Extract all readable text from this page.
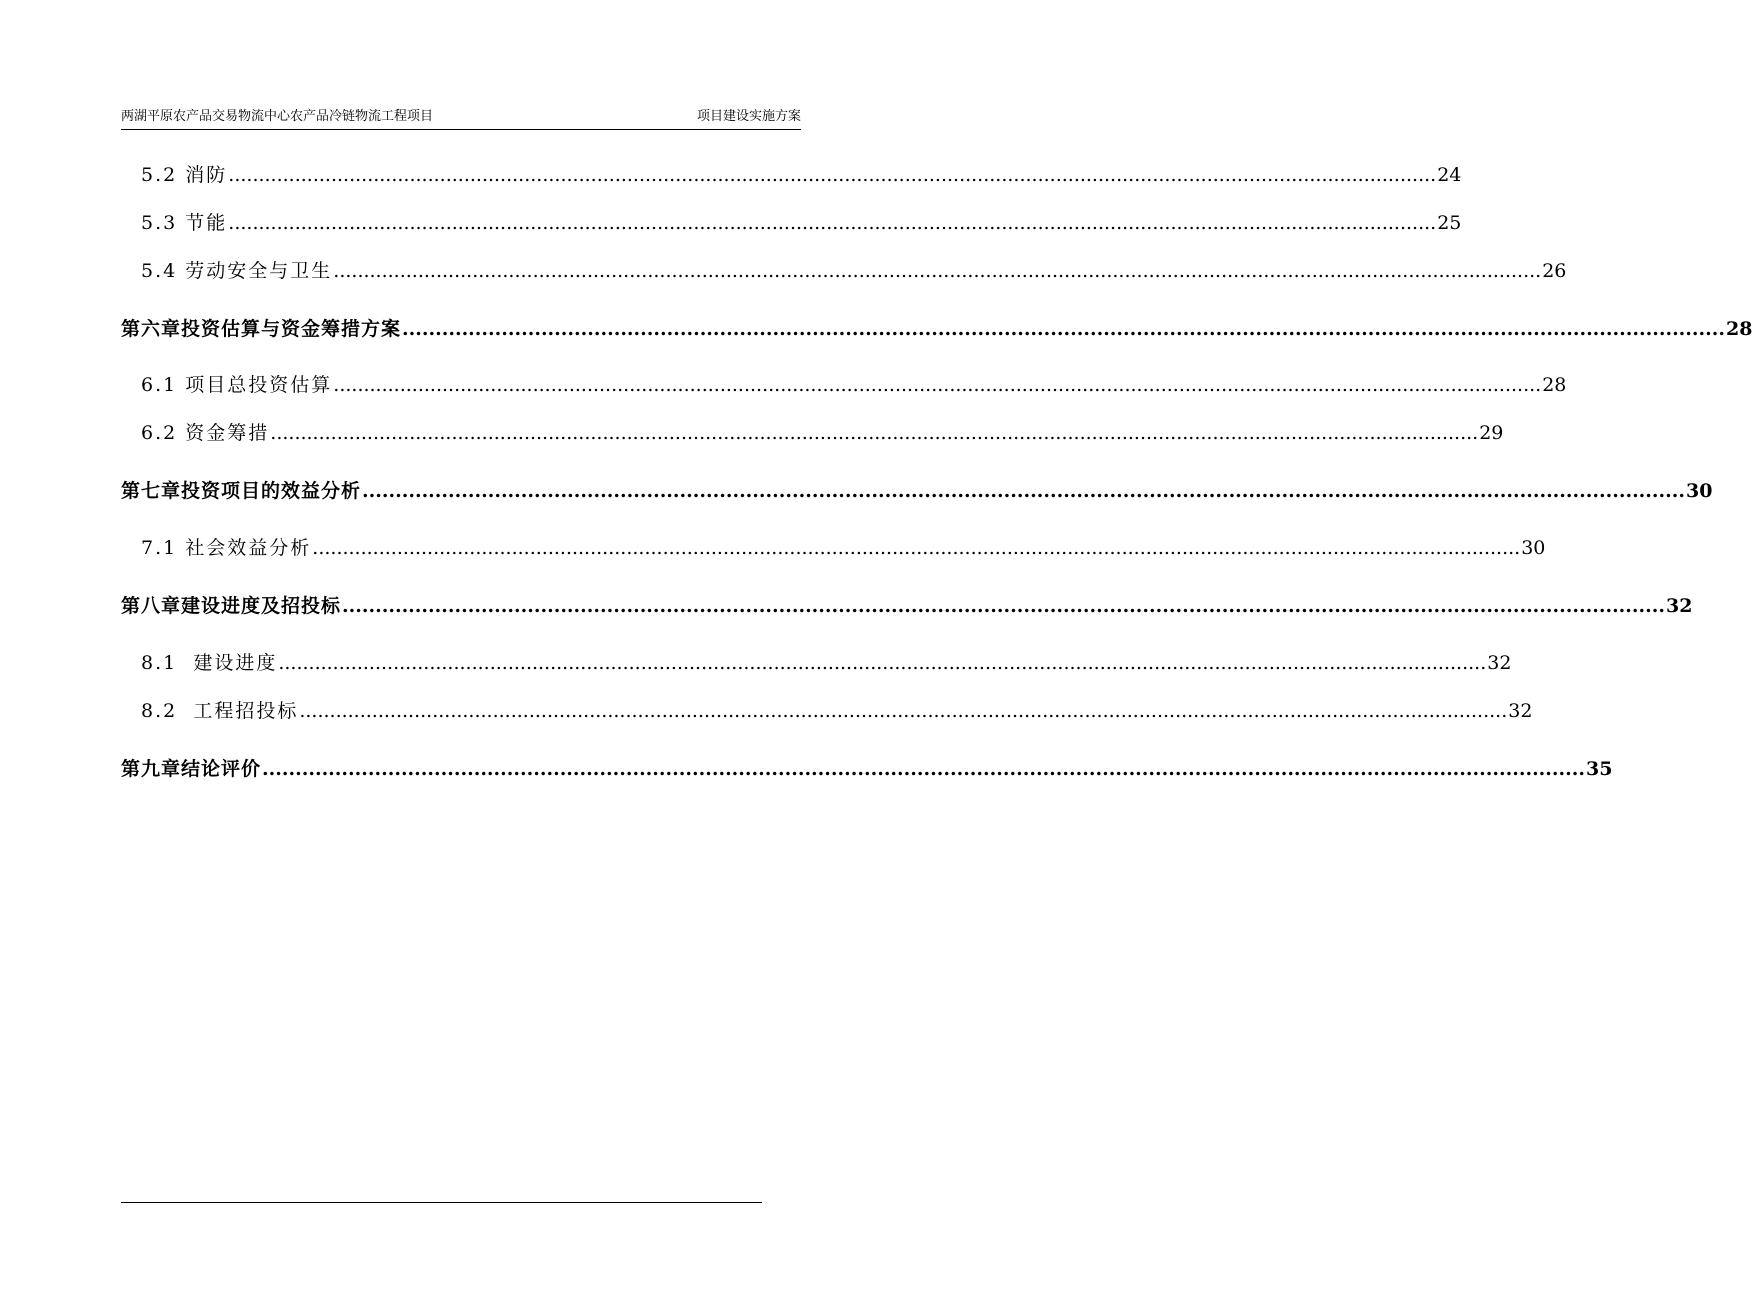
两湖平原农产品交易物流中心农产品冷链物流工程项目	项目建设实施方案
5.2
消防 ........................................................................................................................................................................................................ 24
5.3
节能 ........................................................................................................................................................................................................ 25
5.4
劳动安全与卫生 ........................................................................................................................................................................................................ 26
第六章 投资估算与资金筹措方案 ........................................................................................................................................................................................................ 28
6.1
项目总投资估算 ........................................................................................................................................................................................................ 28
6.2
资金筹措 ........................................................................................................................................................................................................ 29
第七章 投资项目的效益分析 ........................................................................................................................................................................................................ 30
7.1
社会效益分析 ........................................................................................................................................................................................................ 30
第八章 建设进度及招投标 ........................................................................................................................................................................................................ 32
8.1
建设进度 ........................................................................................................................................................................................................ 32
8.2
工程招投标 ........................................................................................................................................................................................................ 32
第九章 结论评价 ........................................................................................................................................................................................................ 35
